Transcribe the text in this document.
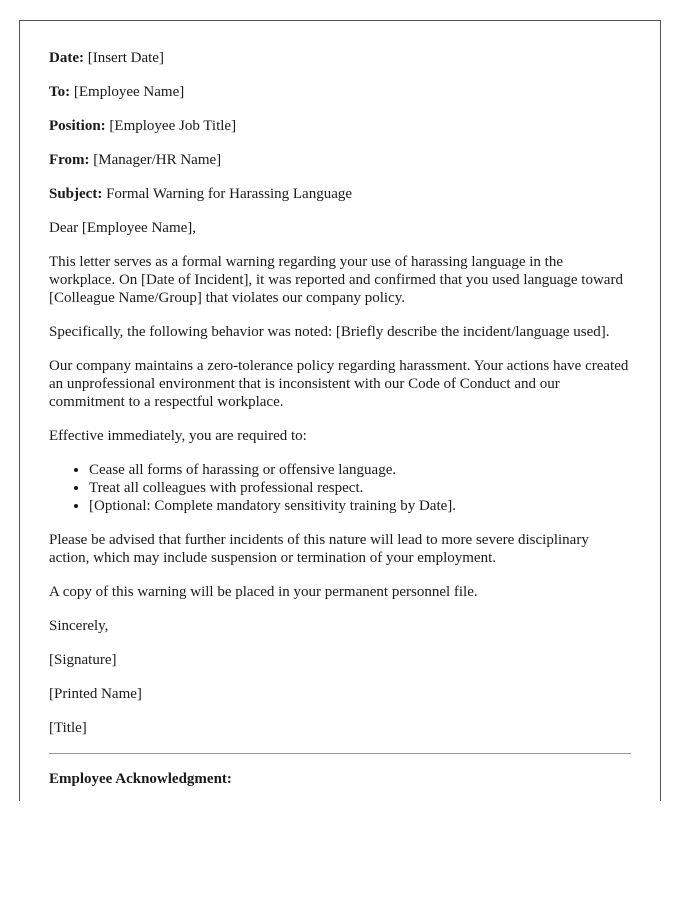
Date: [Insert Date]

To: [Employee Name]

Position: [Employee Job Title]

From: [Manager/HR Name]

Subject: Formal Warning for Harassing Language

Dear [Employee Name],

This letter serves as a formal warning regarding your use of harassing language in the workplace. On [Date of Incident], it was reported and confirmed that you used language toward [Colleague Name/Group] that violates our company policy.

Specifically, the following behavior was noted: [Briefly describe the incident/language used].

Our company maintains a zero-tolerance policy regarding harassment. Your actions have created an unprofessional environment that is inconsistent with our Code of Conduct and our commitment to a respectful workplace.

Effective immediately, you are required to:

• Cease all forms of harassing or offensive language.
• Treat all colleagues with professional respect.
• [Optional: Complete mandatory sensitivity training by Date].

Please be advised that further incidents of this nature will lead to more severe disciplinary action, which may include suspension or termination of your employment.

A copy of this warning will be placed in your permanent personnel file.

Sincerely,

[Signature]

[Printed Name]

[Title]

Employee Acknowledgment:
